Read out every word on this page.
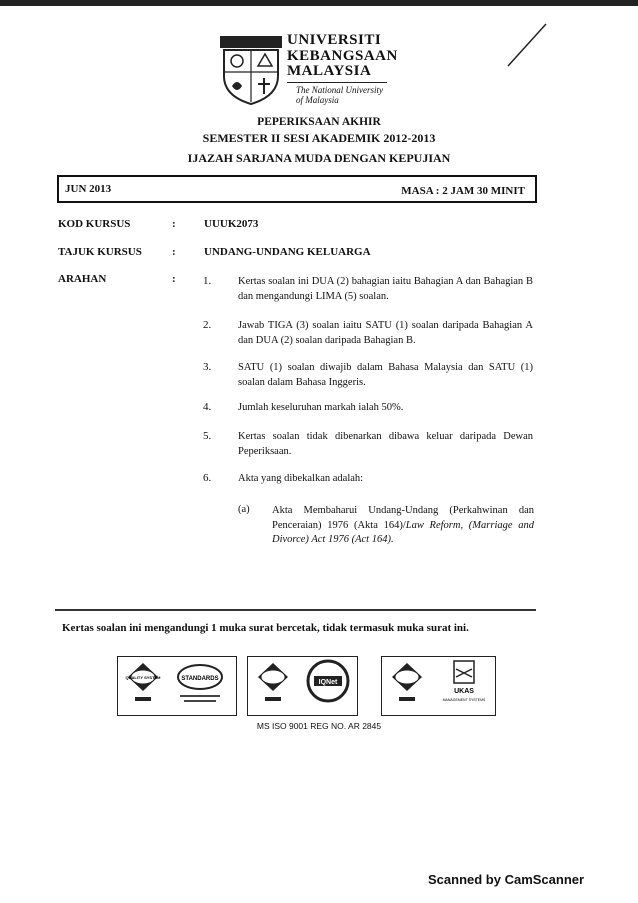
UNIVERSITI
KEBANGSAAN
MALAYSIA
The National University
of Malaysia
PEPERIKSAAN AKHIR
SEMESTER II SESI AKADEMIK 2012-2013
IJAZAH SARJANA MUDA DENGAN KEPUJIAN
JUN 2013	MASA : 2 JAM 30 MINIT
KOD KURSUS	:	UUUK2073
TAJUK KURSUS	:	UNDANG-UNDANG KELUARGA
ARAHAN	: 1.	Kertas soalan ini DUA (2) bahagian iaitu Bahagian A dan Bahagian B dan mengandungi LIMA (5) soalan.
2.	Jawab TIGA (3) soalan iaitu SATU (1) soalan daripada Bahagian A dan DUA (2) soalan daripada Bahagian B.
3.	SATU (1) soalan diwajib dalam Bahasa Malaysia dan SATU (1) soalan dalam Bahasa Inggeris.
4.	Jumlah keseluruhan markah ialah 50%.
5.	Kertas soalan tidak dibenarkan dibawa keluar daripada Dewan Peperiksaan.
6.	Akta yang dibekalkan adalah:
(a) Akta Membaharui Undang-Undang (Perkahwinan dan Penceraian) 1976 (Akta 164)/Law Reform, (Marriage and Divorce) Act 1976 (Act 164).
Kertas soalan ini mengandungi 1 muka surat bercetak, tidak termasuk muka surat ini.
QUALITY SYSTEM	STANDARDS	IQNet
UKAS
MANAGEMENT SYSTEMS
MS ISO 9001 REG NO. AR 2845
Scanned by CamScanner
